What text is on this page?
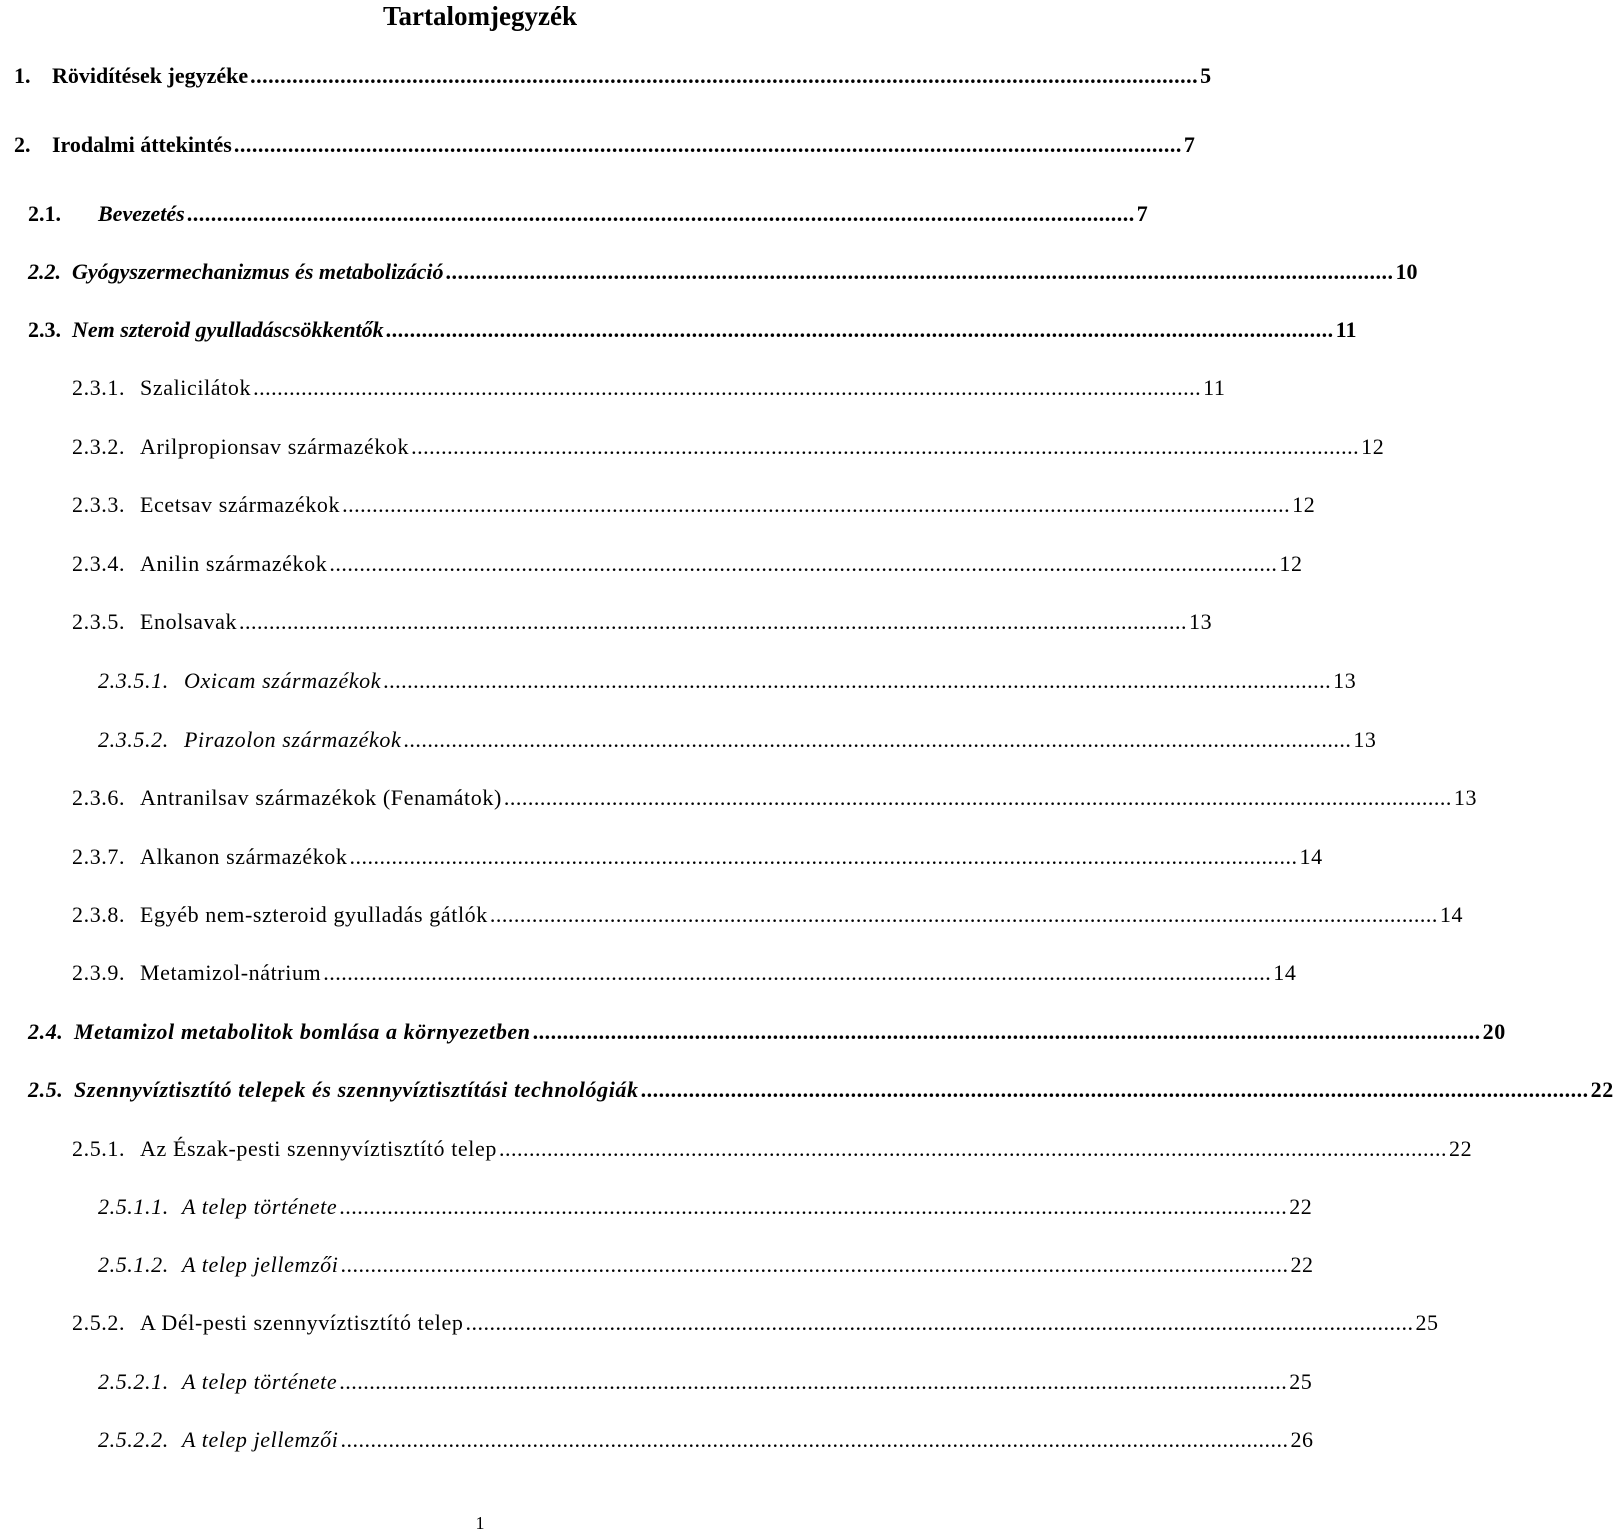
Tartalomjegyzék
1. Rövidítések jegyzéke .............................................................................................................................................................. 5
2. Irodalmi áttekintés .............................................................................................................................................................. 7
2.1.	Bevezetés .............................................................................................................................................................. 7
2.2. Gyógyszermechanizmus és metabolizáció .............................................................................................................................................................. 10
2.3. Nem szteroid gyulladáscsökkentők .............................................................................................................................................................. 11
2.3.1. Szalicilátok .............................................................................................................................................................. 11
2.3.2. Arilpropionsav származékok .............................................................................................................................................................. 12
2.3.3. Ecetsav származékok .............................................................................................................................................................. 12
2.3.4. Anilin származékok .............................................................................................................................................................. 12
2.3.5. Enolsavak .............................................................................................................................................................. 13
2.3.5.1. Oxicam származékok .............................................................................................................................................................. 13
2.3.5.2. Pirazolon származékok .............................................................................................................................................................. 13
2.3.6. Antranilsav származékok (Fenamátok) .............................................................................................................................................................. 13
2.3.7. Alkanon származékok .............................................................................................................................................................. 14
2.3.8. Egyéb nem-szteroid gyulladás gátlók .............................................................................................................................................................. 14
2.3.9. Metamizol-nátrium .............................................................................................................................................................. 14
2.4. Metamizol metabolitok bomlása a környezetben .............................................................................................................................................................. 20
2.5. Szennyvíztisztító telepek és szennyvíztisztítási technológiák .............................................................................................................................................................. 22
2.5.1. Az Észak-pesti szennyvíztisztító telep .............................................................................................................................................................. 22
2.5.1.1. A telep története .............................................................................................................................................................. 22
2.5.1.2. A telep jellemzői .............................................................................................................................................................. 22
2.5.2. A Dél-pesti szennyvíztisztító telep .............................................................................................................................................................. 25
2.5.2.1. A telep története .............................................................................................................................................................. 25
2.5.2.2. A telep jellemzői .............................................................................................................................................................. 26
1
